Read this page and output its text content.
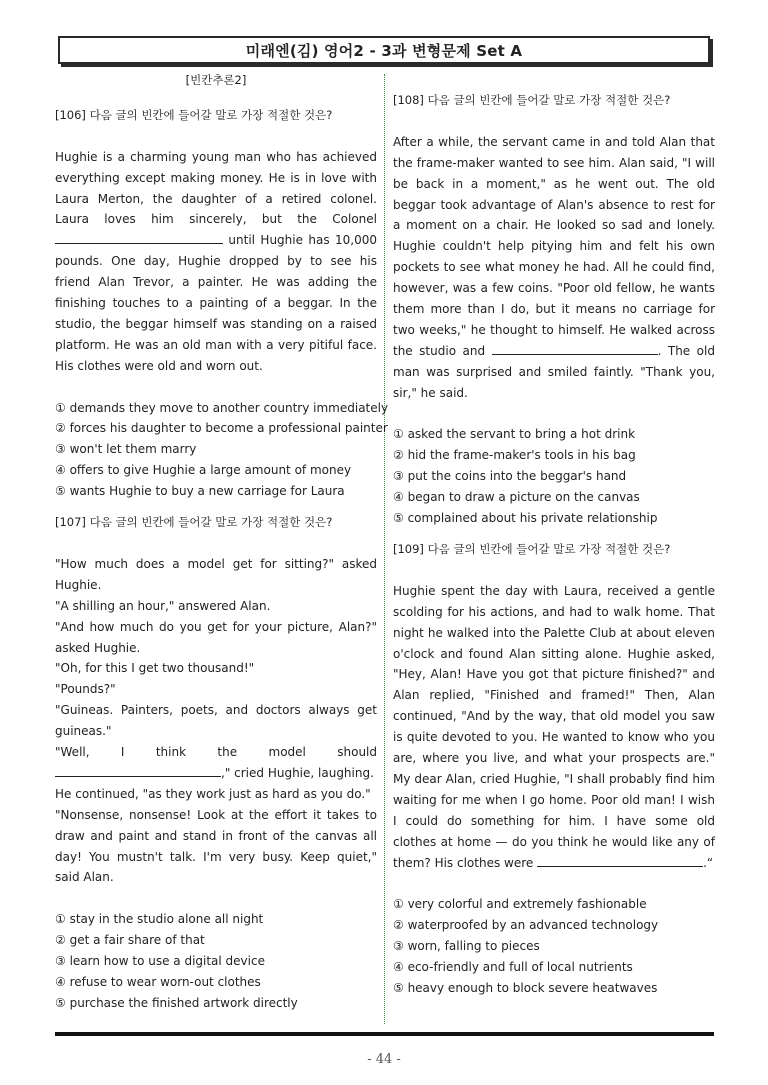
미래엔(김) 영어2 - 3과 변형문제 Set A
[빈칸추론2]
[106] 다음 글의 빈칸에 들어갈 말로 가장 적절한 것은?
Hughie is a charming young man who has achieved everything except making money. He is in love with Laura Merton, the daughter of a retired colonel. Laura loves him sincerely, but the Colonel  until Hughie has 10,000 pounds. One day, Hughie dropped by to see his friend Alan Trevor, a painter. He was adding the finishing touches to a painting of a beggar. In the studio, the beggar himself was standing on a raised platform. He was an old man with a very pitiful face. His clothes were old and worn out.
① demands they move to another country immediately
② forces his daughter to become a professional painter
③ won't let them marry
④ offers to give Hughie a large amount of money
⑤ wants Hughie to buy a new carriage for Laura
[107] 다음 글의 빈칸에 들어갈 말로 가장 적절한 것은?
"How much does a model get for sitting?" asked Hughie.
"A shilling an hour," answered Alan.
"And how much do you get for your picture, Alan?" asked Hughie.
"Oh, for this I get two thousand!"
"Pounds?"
"Guineas. Painters, poets, and doctors always get guineas."
"Well, I think the model should
," cried Hughie, laughing.
He continued, "as they work just as hard as you do."
"Nonsense, nonsense! Look at the effort it takes to draw and paint and stand in front of the canvas all day! You mustn't talk. I'm very busy. Keep quiet," said Alan.
① stay in the studio alone all night
② get a fair share of that
③ learn how to use a digital device
④ refuse to wear worn-out clothes
⑤ purchase the finished artwork directly
[108] 다음 글의 빈칸에 들어갈 말로 가장 적절한 것은?
After a while, the servant came in and told Alan that the frame-maker wanted to see him. Alan said, "I will be back in a moment," as he went out. The old beggar took advantage of Alan's absence to rest for a moment on a chair. He looked so sad and lonely. Hughie couldn't help pitying him and felt his own pockets to see what money he had. All he could find, however, was a few coins. "Poor old fellow, he wants them more than I do, but it means no carriage for two weeks," he thought to himself. He walked across the studio and	. The old man was surprised and smiled faintly. "Thank you, sir," he said.
① asked the servant to bring a hot drink
② hid the frame-maker's tools in his bag
③ put the coins into the beggar's hand
④ began to draw a picture on the canvas
⑤ complained about his private relationship
[109] 다음 글의 빈칸에 들어갈 말로 가장 적절한 것은?
Hughie spent the day with Laura, received a gentle scolding for his actions, and had to walk home. That night he walked into the Palette Club at about eleven o'clock and found Alan sitting alone. Hughie asked, "Hey, Alan! Have you got that picture finished?" and Alan replied, "Finished and framed!" Then, Alan continued, "And by the way, that old model you saw is quite devoted to you. He wanted to know who you are, where you live, and what your prospects are." My dear Alan, cried Hughie, "I shall probably find him waiting for me when I go home. Poor old man! I wish I could do something for him. I have some old clothes at home — do you think he would like any of them? His clothes were	.“
① very colorful and extremely fashionable
② waterproofed by an advanced technology
③ worn, falling to pieces
④ eco-friendly and full of local nutrients
⑤ heavy enough to block severe heatwaves
- 44 -
